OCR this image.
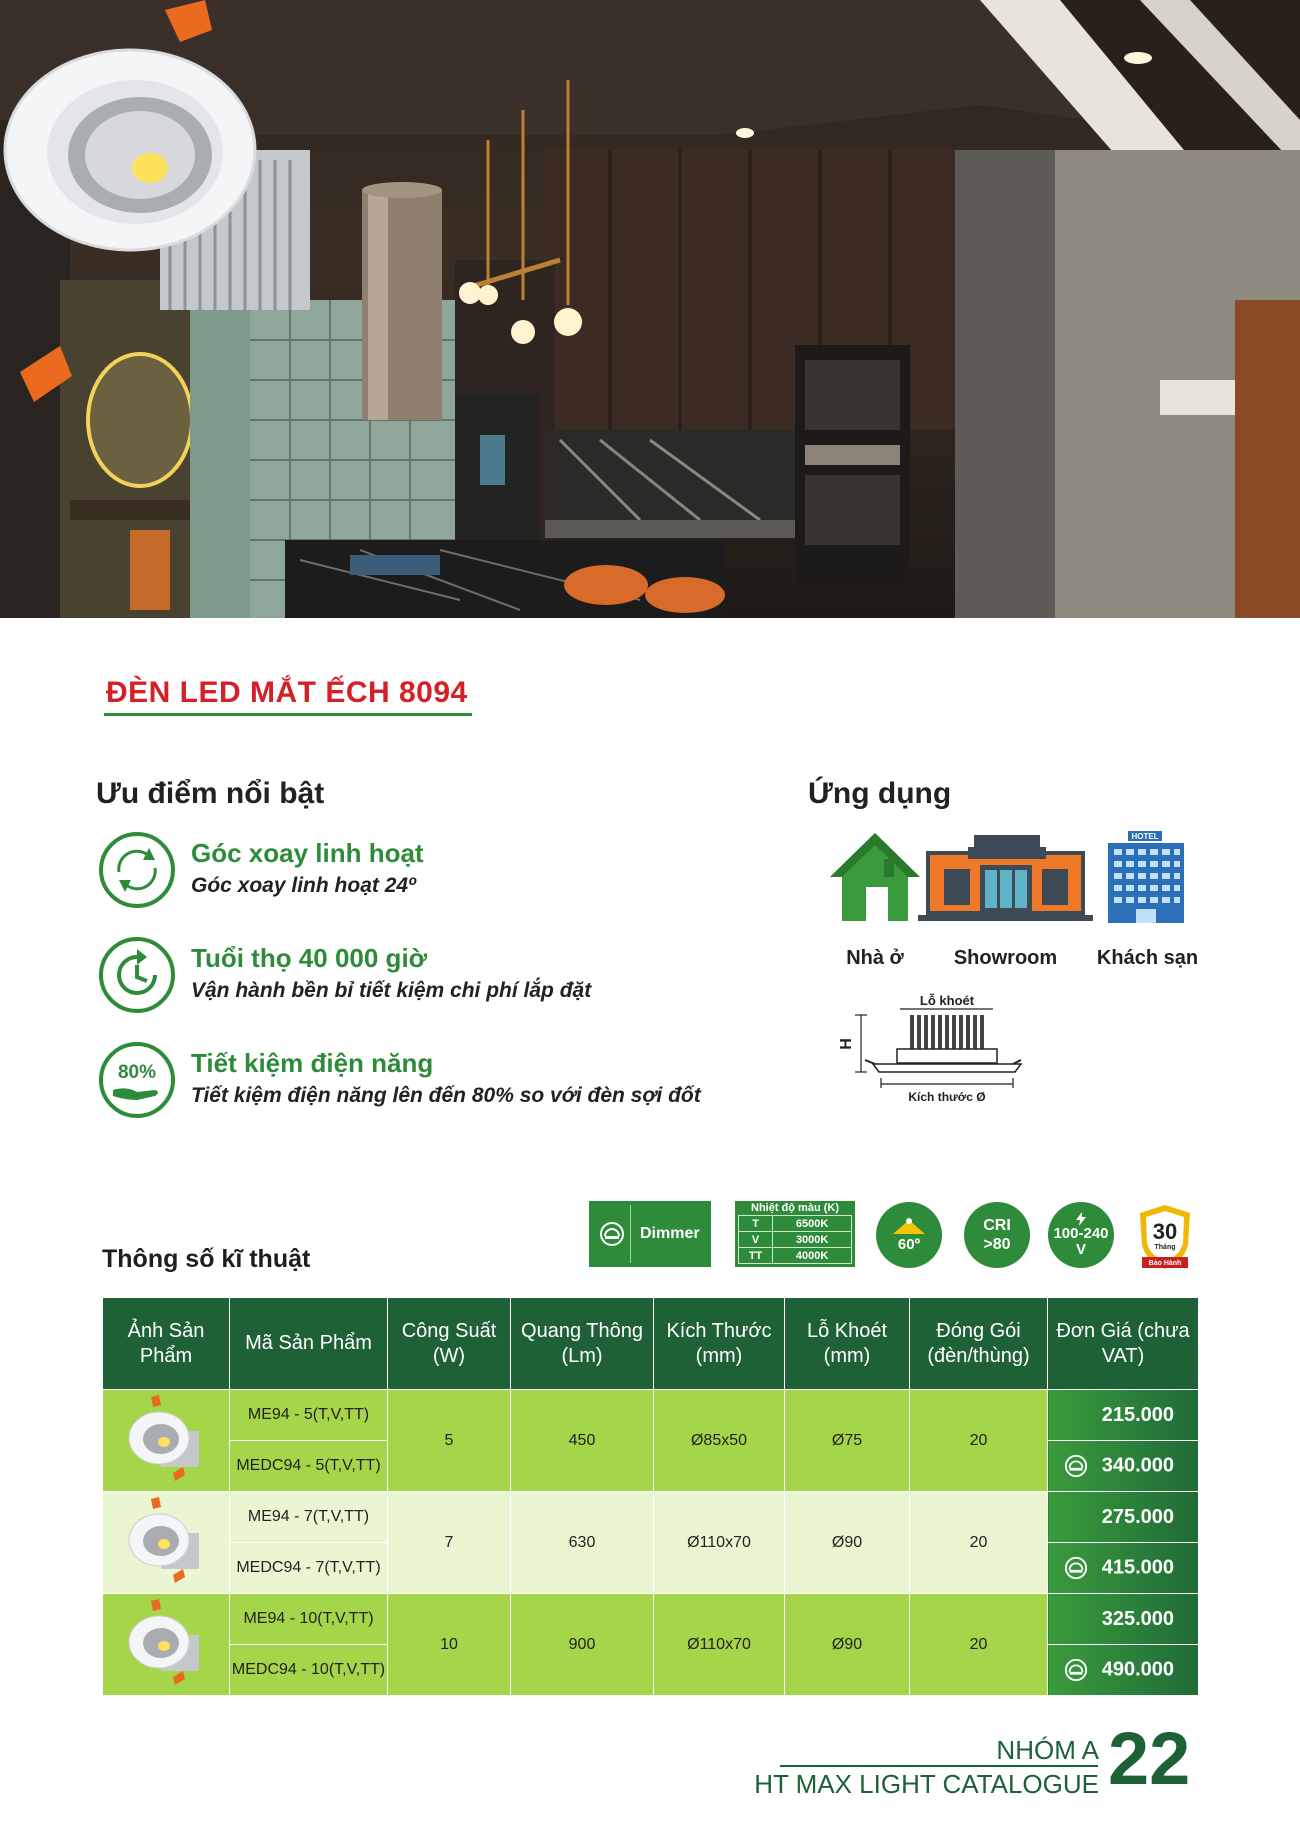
ĐÈN LED MẮT ẾCH 8094
Ưu điểm nổi bật
Góc xoay linh hoạt
Góc xoay linh hoạt 24º
Tuổi thọ 40 000 giờ
Vận hành bền bỉ tiết kiệm chi phí lắp đặt
80% Tiết kiệm điện năng
Tiết kiệm điện năng lên đến 80% so với đèn sợi đốt
Ứng dụng
Nhà ở	Showroom
HOTEL
Khách sạn
Lỗ khoét
H
Kích thước Ø
Thông số kĩ thuật
Dimmer
Nhiệt độ màu (K)
T	6500K
V	3000K
TT	4000K
60º
CRI
>80
100-240
V
30
Tháng
Bảo Hành
Ảnh Sản Phẩm	Mã Sản Phẩm	Công Suất (W)	Quang Thông (Lm)	Kích Thước (mm)	Lỗ Khoét (mm)	Đóng Gói (đèn/thùng)	Đơn Giá (chưa VAT)
	ME94 - 5(T,V,TT)	5	450	Ø85x50	Ø75	20	215.000
	MEDC94 - 5(T,V,TT)						340.000
	ME94 - 7(T,V,TT)	7	630	Ø110x70	Ø90	20	275.000
	MEDC94 - 7(T,V,TT)						415.000
	ME94 - 10(T,V,TT)	10	900	Ø110x70	Ø90	20	325.000
	MEDC94 - 10(T,V,TT)						490.000
NHÓM A
HT MAX LIGHT CATALOGUE 22
